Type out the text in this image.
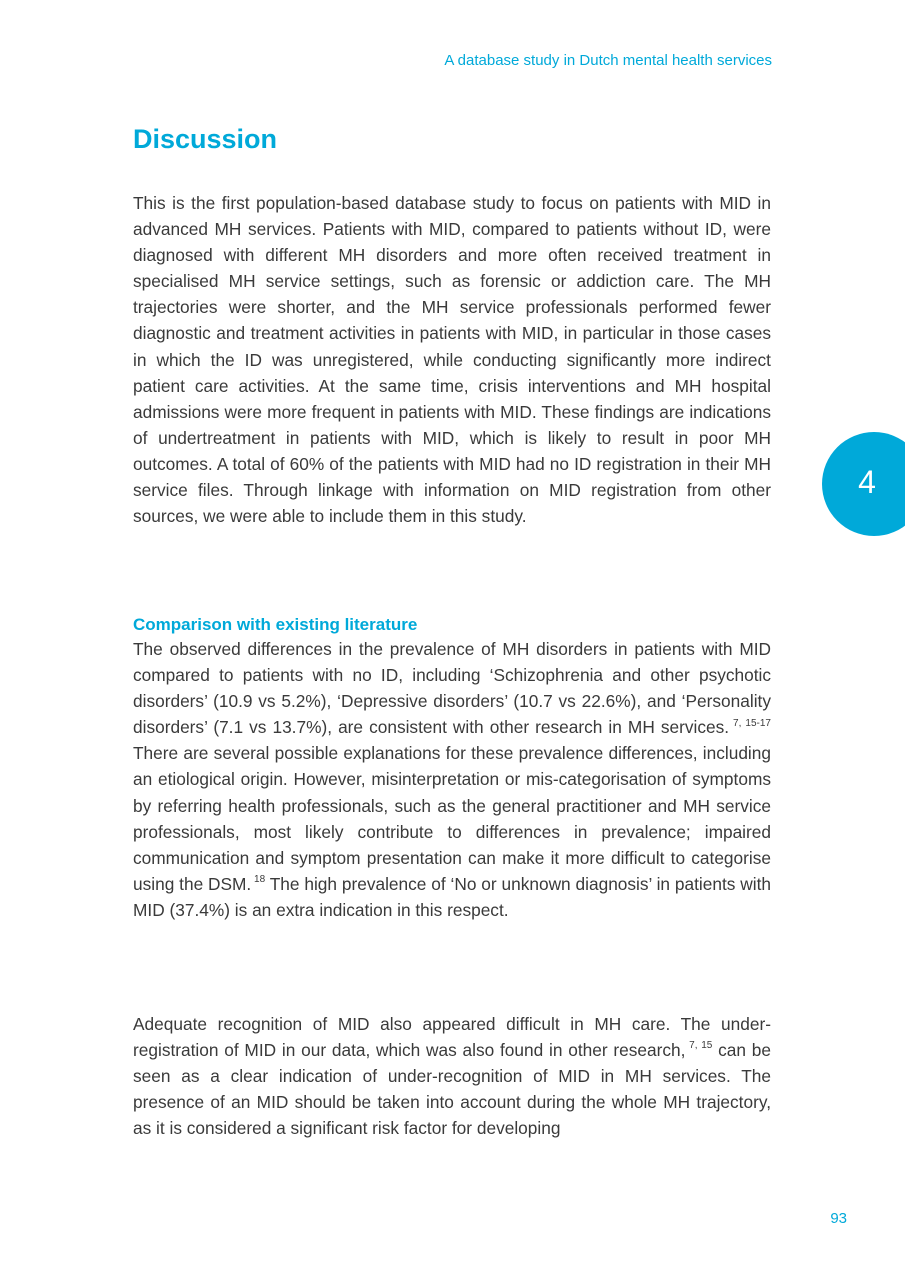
A database study in Dutch mental health services
Discussion

This is the first population-based database study to focus on patients with MID in advanced MH services. Patients with MID, compared to patients without ID, were diagnosed with different MH disorders and more often received treatment in specialised MH service settings, such as forensic or addiction care. The MH trajectories were shorter, and the MH service professionals performed fewer diagnostic and treatment activities in patients with MID, in particular in those cases in which the ID was unregistered, while conducting significantly more indirect patient care activities. At the same time, crisis interventions and MH hospital admissions were more frequent in patients with MID. These findings are indications of undertreatment in patients with MID, which is likely to result in poor MH outcomes. A total of 60% of the patients with MID had no ID registration in their MH service files. Through linkage with information on MID registration from other sources, we were able to include them in this study.

Comparison with existing literature

The observed differences in the prevalence of MH disorders in patients with MID compared to patients with no ID, including ‘Schizophrenia and other psychotic disorders’ (10.9 vs 5.2%), ‘Depressive disorders’ (10.7 vs 22.6%), and ‘Personality disorders’ (7.1 vs 13.7%), are consistent with other research in MH services. $^{7, 15-17}$ There are several possible explanations for these prevalence differences, including an etiological origin. However, misinterpretation or mis-categorisation of symptoms by referring health professionals, such as the general practitioner and MH service professionals, most likely contribute to differences in prevalence; impaired communication and symptom presentation can make it more difficult to categorise using the DSM. $^{18}$ The high prevalence of ‘No or unknown diagnosis’ in patients with MID (37.4%) is an extra indication in this respect.

Adequate recognition of MID also appeared difficult in MH care. The under-registration of MID in our data, which was also found in other research, $^{7, 15}$ can be seen as a clear indication of under-recognition of MID in MH services. The presence of an MID should be taken into account during the whole MH trajectory, as it is considered a significant risk factor for developing

4
93
